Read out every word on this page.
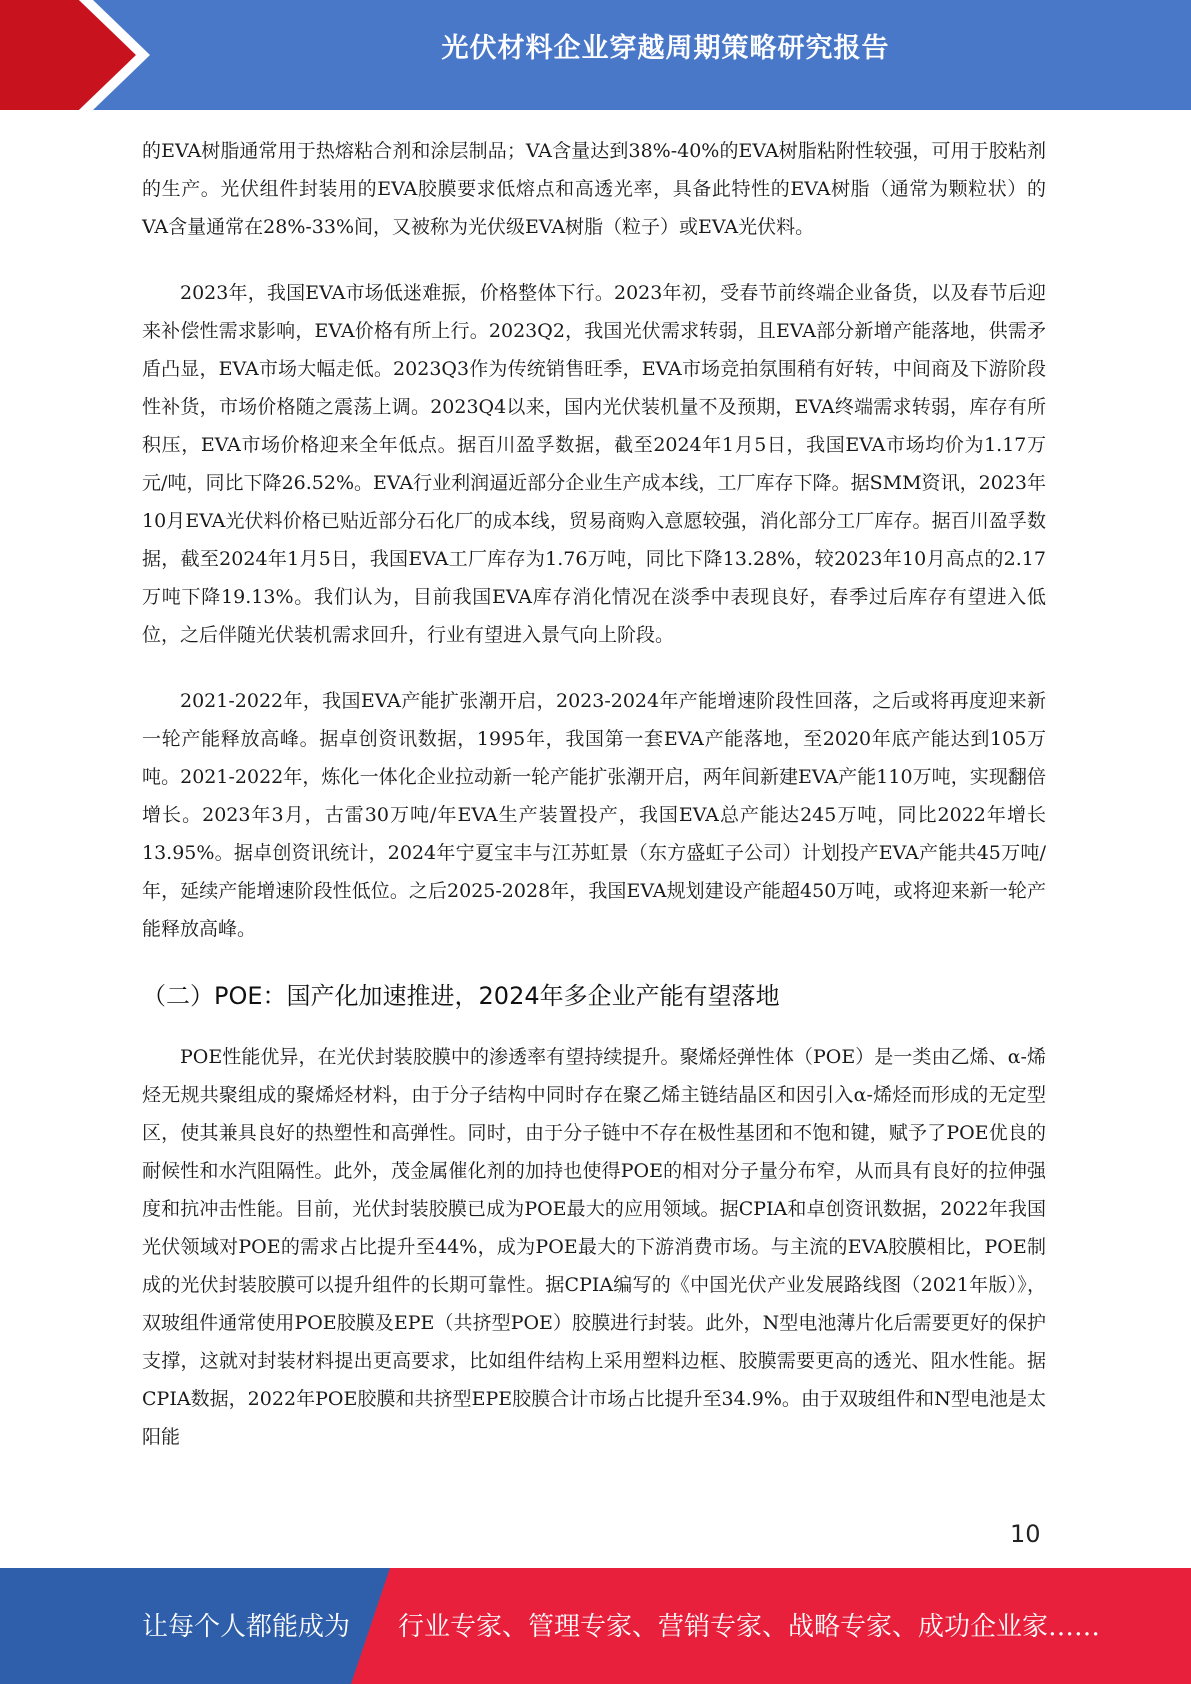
光伏材料企业穿越周期策略研究报告

的EVA树脂通常用于热熔粘合剂和涂层制品；VA含量达到38%-40%的EVA树脂粘附性较强，可用于胶粘剂的生产。光伏组件封装用的EVA胶膜要求低熔点和高透光率，具备此特性的EVA树脂（通常为颗粒状）的VA含量通常在28%-33%间，又被称为光伏级EVA树脂（粒子）或EVA光伏料。

2023年，我国EVA市场低迷难振，价格整体下行。2023年初，受春节前终端企业备货，以及春节后迎来补偿性需求影响，EVA价格有所上行。2023Q2，我国光伏需求转弱，且EVA部分新增产能落地，供需矛盾凸显，EVA市场大幅走低。2023Q3作为传统销售旺季，EVA市场竞拍氛围稍有好转，中间商及下游阶段性补货，市场价格随之震荡上调。2023Q4以来，国内光伏装机量不及预期，EVA终端需求转弱，库存有所积压，EVA市场价格迎来全年低点。据百川盈孚数据，截至2024年1月5日，我国EVA市场均价为1.17万元/吨，同比下降26.52%。EVA行业利润逼近部分企业生产成本线，工厂库存下降。据SMM资讯，2023年10月EVA光伏料价格已贴近部分石化厂的成本线，贸易商购入意愿较强，消化部分工厂库存。据百川盈孚数据，截至2024年1月5日，我国EVA工厂库存为1.76万吨，同比下降13.28%，较2023年10月高点的2.17万吨下降19.13%。我们认为，目前我国EVA库存消化情况在淡季中表现良好，春季过后库存有望进入低位，之后伴随光伏装机需求回升，行业有望进入景气向上阶段。

2021-2022年，我国EVA产能扩张潮开启，2023-2024年产能增速阶段性回落，之后或将再度迎来新一轮产能释放高峰。据卓创资讯数据，1995年，我国第一套EVA产能落地，至2020年底产能达到105万吨。2021-2022年，炼化一体化企业拉动新一轮产能扩张潮开启，两年间新建EVA产能110万吨，实现翻倍增长。2023年3月，古雷30万吨/年EVA生产装置投产，我国EVA总产能达245万吨，同比2022年增长13.95%。据卓创资讯统计，2024年宁夏宝丰与江苏虹景（东方盛虹子公司）计划投产EVA产能共45万吨/年，延续产能增速阶段性低位。之后2025-2028年，我国EVA规划建设产能超450万吨，或将迎来新一轮产能释放高峰。

（二）POE：国产化加速推进，2024年多企业产能有望落地

POE性能优异，在光伏封装胶膜中的渗透率有望持续提升。聚烯烃弹性体（POE）是一类由乙烯、α-烯烃无规共聚组成的聚烯烃材料，由于分子结构中同时存在聚乙烯主链结晶区和因引入α-烯烃而形成的无定型区，使其兼具良好的热塑性和高弹性。同时，由于分子链中不存在极性基团和不饱和键，赋予了POE优良的耐候性和水汽阻隔性。此外，茂金属催化剂的加持也使得POE的相对分子量分布窄，从而具有良好的拉伸强度和抗冲击性能。目前，光伏封装胶膜已成为POE最大的应用领域。据CPIA和卓创资讯数据，2022年我国光伏领域对POE的需求占比提升至44%，成为POE最大的下游消费市场。与主流的EVA胶膜相比，POE制成的光伏封装胶膜可以提升组件的长期可靠性。据CPIA编写的《中国光伏产业发展路线图（2021年版）》，双玻组件通常使用POE胶膜及EPE（共挤型POE）胶膜进行封装。此外，N型电池薄片化后需要更好的保护支撑，这就对封装材料提出更高要求，比如组件结构上采用塑料边框、胶膜需要更高的透光、阻水性能。据CPIA数据，2022年POE胶膜和共挤型EPE胶膜合计市场占比提升至34.9%。由于双玻组件和N型电池是太阳能

10
让每个人都能成为 行业专家、管理专家、营销专家、战略专家、成功企业家……
